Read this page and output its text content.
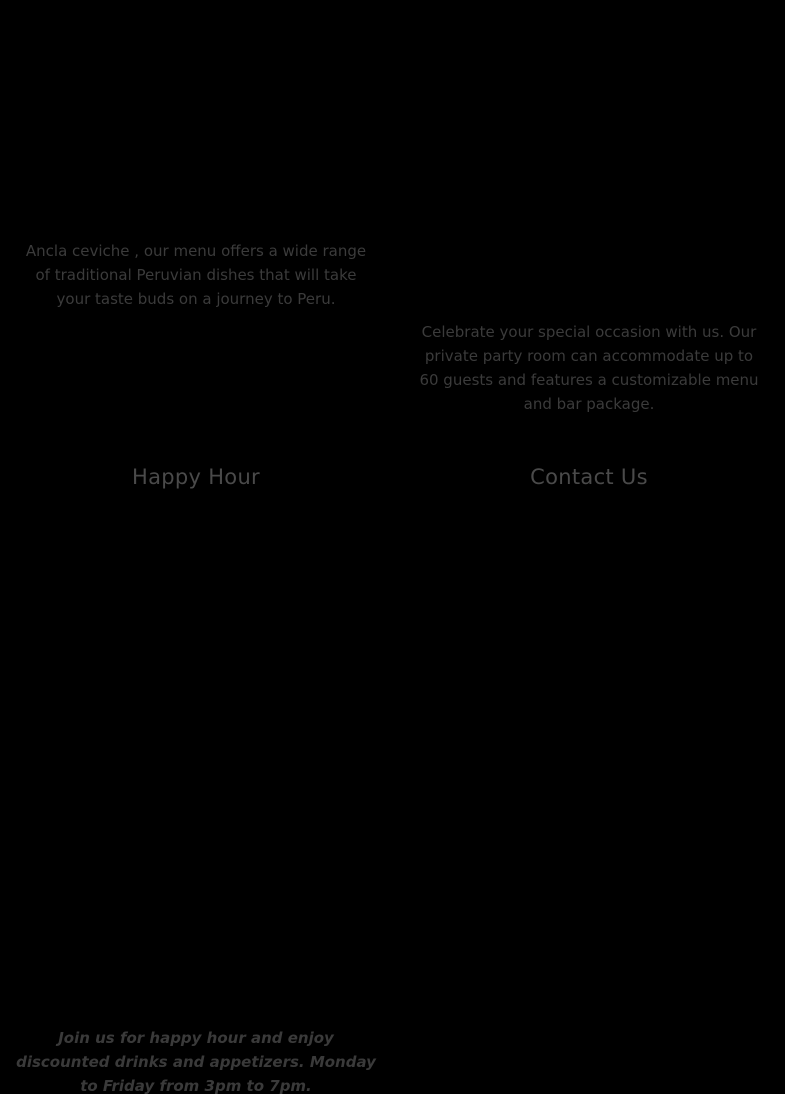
Ancla ceviche , our menu offers a wide range of traditional Peruvian dishes that will take your taste buds on a journey to Peru.

Celebrate your special occasion with us. Our private party room can accommodate up to 60 guests and features a customizable menu and bar package.

Happy Hour	Contact Us

Join us for happy hour and enjoy discounted drinks and appetizers. Monday to Friday from 3pm to 7pm.
